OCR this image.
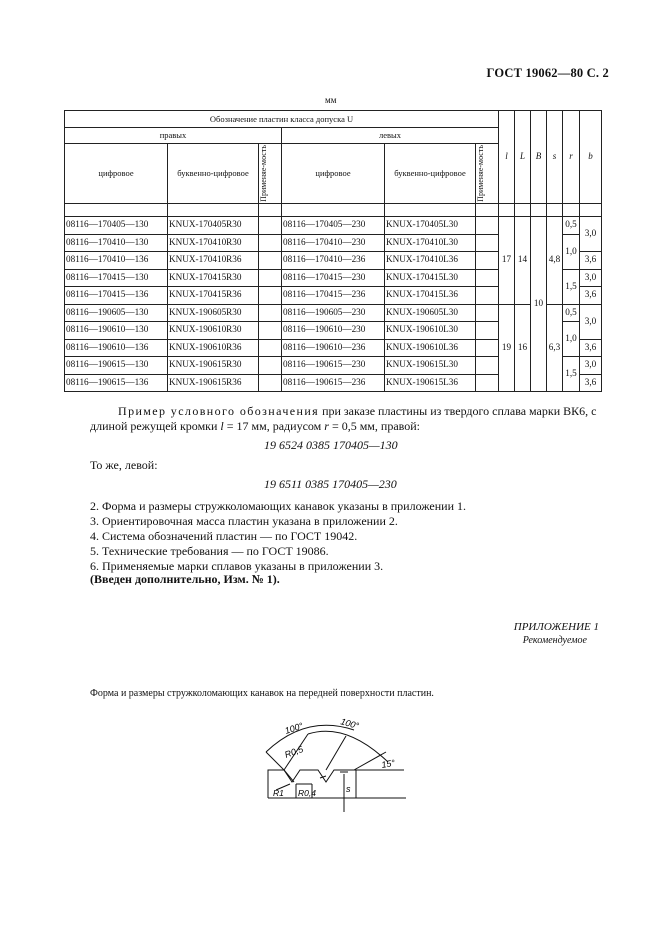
ГОСТ 19062—80 С. 2
мм
Обозначение пластин класса допуска U						l	L	B	s	r	b
правых			левых								
цифровое	буквенно-цифровое	Применяе-мость	цифровое	буквенно-цифровое	Применяе-мость						

08116—170405—130	KNUX-170405R30		08116—170405—230	KNUX-170405L30		17	14	10	4,8	0,5	3,0
08116—170410—130	KNUX-170410R30		08116—170410—230	KNUX-170410L30						1,0	
08116—170410—136	KNUX-170410R36		08116—170410—236	KNUX-170410L36							3,6
08116—170415—130	KNUX-170415R30		08116—170415—230	KNUX-170415L30						1,5	3,0
08116—170415—136	KNUX-170415R36		08116—170415—236	KNUX-170415L36							3,6
08116—190605—130	KNUX-190605R30		08116—190605—230	KNUX-190605L30		19	16		6,3	0,5	3,0
08116—190610—130	KNUX-190610R30		08116—190610—230	KNUX-190610L30						1,0	
08116—190610—136	KNUX-190610R36		08116—190610—236	KNUX-190610L36							3,6
08116—190615—130	KNUX-190615R30		08116—190615—230	KNUX-190615L30						1,5	3,0
08116—190615—136	KNUX-190615R36		08116—190615—236	KNUX-190615L36							3,6
Пример условного обозначения при заказе пластины из твердого сплава марки ВК6, с
длиной режущей кромки l = 17 мм, радиусом r = 0,5 мм, правой:
19 6524 0385 170405—130
То же, левой:
19 6511 0385 170405—230
2. Форма и размеры стружколомающих канавок указаны в приложении 1.
3. Ориентировочная масса пластин указана в приложении 2.
4. Система обозначений пластин — по ГОСТ 19042.
5. Технические требования — по ГОСТ 19086.
6. Применяемые марки сплавов указаны в приложении 3.
(Введен дополнительно, Изм. № 1).
ПРИЛОЖЕНИЕ 1
Рекомендуемое
Форма и размеры стружколомающих канавок на передней поверхности пластин.
100°	100°
15°
R0,5
R0,4
R1	s
